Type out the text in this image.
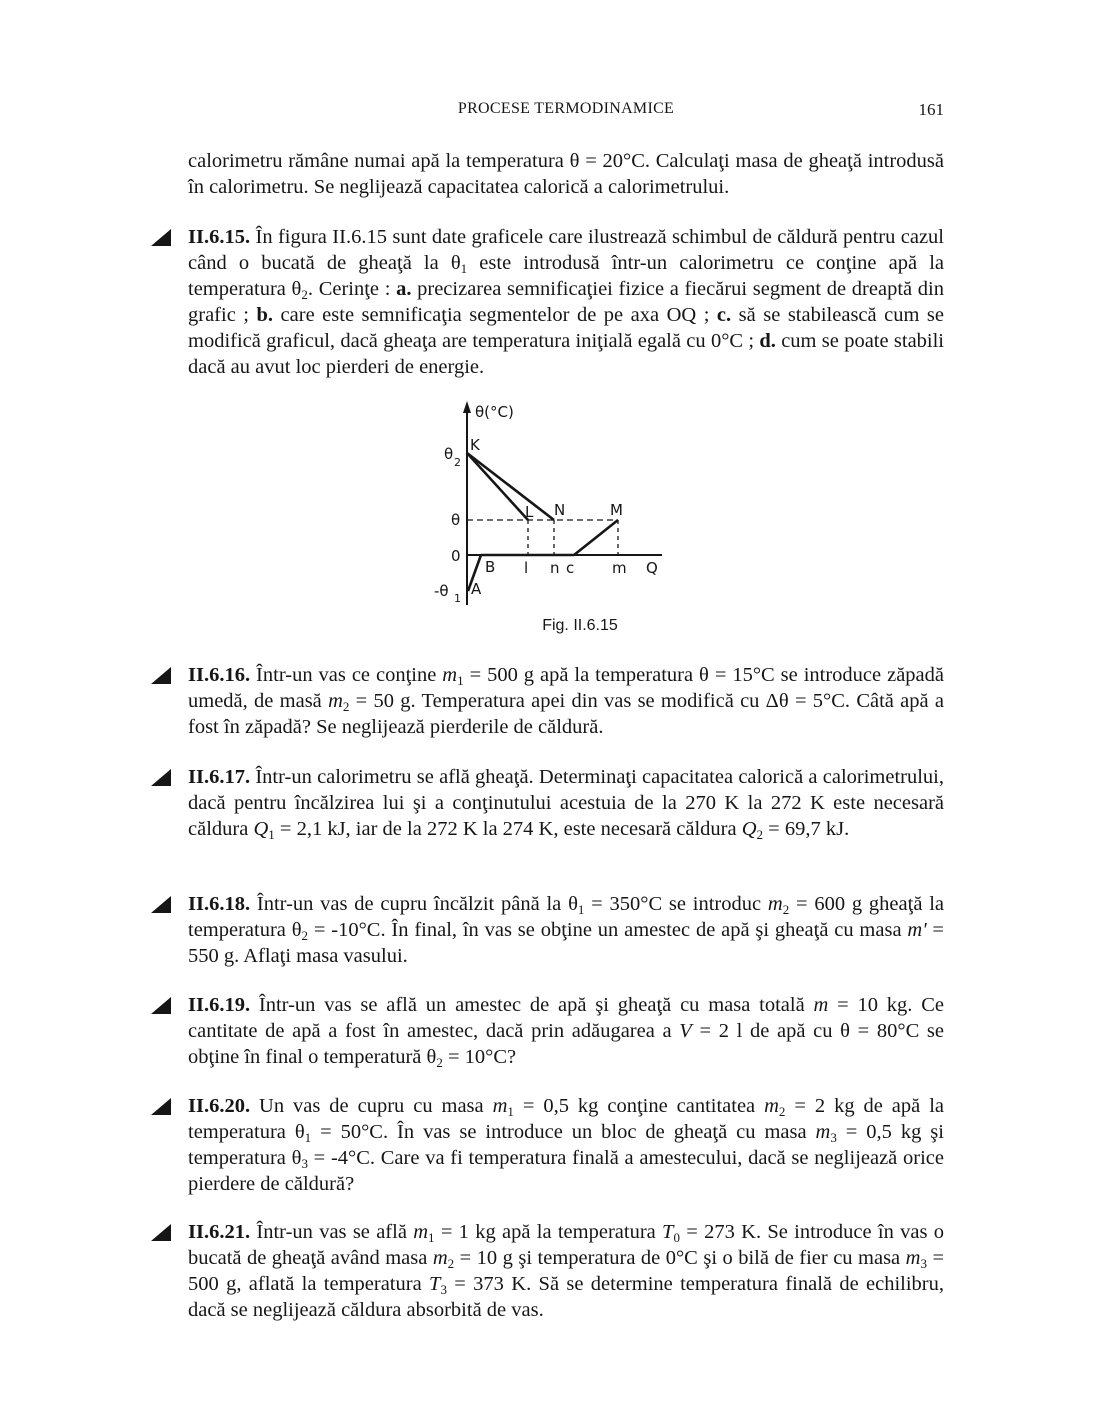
PROCESE TERMODINAMICE	161

calorimetru rămâne numai apă la temperatura θ = 20°C. Calculaţi masa de gheaţă introdusă în calorimetru. Se neglijează capacitatea calorică a calorimetrului.

II.6.15. În figura II.6.15 sunt date graficele care ilustrează schimbul de căldură pentru cazul când o bucată de gheaţă la $\theta_1$ este introdusă într-un calorimetru ce conţine apă la temperatura $\theta_2$. Cerinţe : a. precizarea semnificaţiei fizice a fiecărui segment de dreaptă din grafic ; b. care este semnificaţia segmentelor de pe axa OQ ; c. să se stabilească cum se modifică graficul, dacă gheaţa are temperatura iniţială egală cu 0°C ; d. cum se poate stabili dacă au avut loc pierderi de energie.
θ(°C)
Q
θ 2
θ
0
-θ 1
K
L N	M
A
B l n c	m
Fig. II.6.15
II.6.16. Într-un vas ce conţine $m_1 = 500$ g apă la temperatura θ = 15°C se introduce zăpadă umedă, de masă $m_2 = 50$ g. Temperatura apei din vas se modifică cu Δθ = 5°C. Câtă apă a fost în zăpadă? Se neglijează pierderile de căldură.
II.6.17. Într-un calorimetru se află gheaţă. Determinaţi capacitatea calorică a calorimetrului, dacă pentru încălzirea lui şi a conţinutului acestuia de la 270 K la 272 K este necesară căldura $Q_1 = 2,1$ kJ, iar de la 272 K la 274 K, este necesară căldura $Q_2 = 69,7$ kJ.
II.6.18. Într-un vas de cupru încălzit până la $\theta_1 = 350^\circ C$ se introduc $m_2 = 600$ g gheaţă la temperatura $\theta_2 = -10^\circ C$. În final, în vas se obţine un amestec de apă şi gheaţă cu masa m' = 550 g. Aflaţi masa vasului.
II.6.19. Într-un vas se află un amestec de apă şi gheaţă cu masa totală m = 10 kg. Ce cantitate de apă a fost în amestec, dacă prin adăugarea a V = 2 l de apă cu θ = 80°C se obţine în final o temperatură $\theta_2 = 10^\circ C$?
II.6.20. Un vas de cupru cu masa $m_1 = 0,5$ kg conţine cantitatea $m_2 = 2$ kg de apă la temperatura $\theta_1 = 50^\circ C$. În vas se introduce un bloc de gheaţă cu masa $m_3 = 0,5$ kg şi temperatura $\theta_3 = -4^\circ C$. Care va fi temperatura finală a amestecului, dacă se neglijează orice pierdere de căldură?
II.6.21. Într-un vas se află $m_1 = 1$ kg apă la temperatura $T_0 = 273$ K. Se introduce în vas o bucată de gheaţă având masa $m_2 = 10$ g şi temperatura de 0°C şi o bilă de fier cu masa $m_3 = 500$ g, aflată la temperatura $T_3 = 373$ K. Să se determine temperatura finală de echilibru, dacă se neglijează căldura absorbită de vas.
